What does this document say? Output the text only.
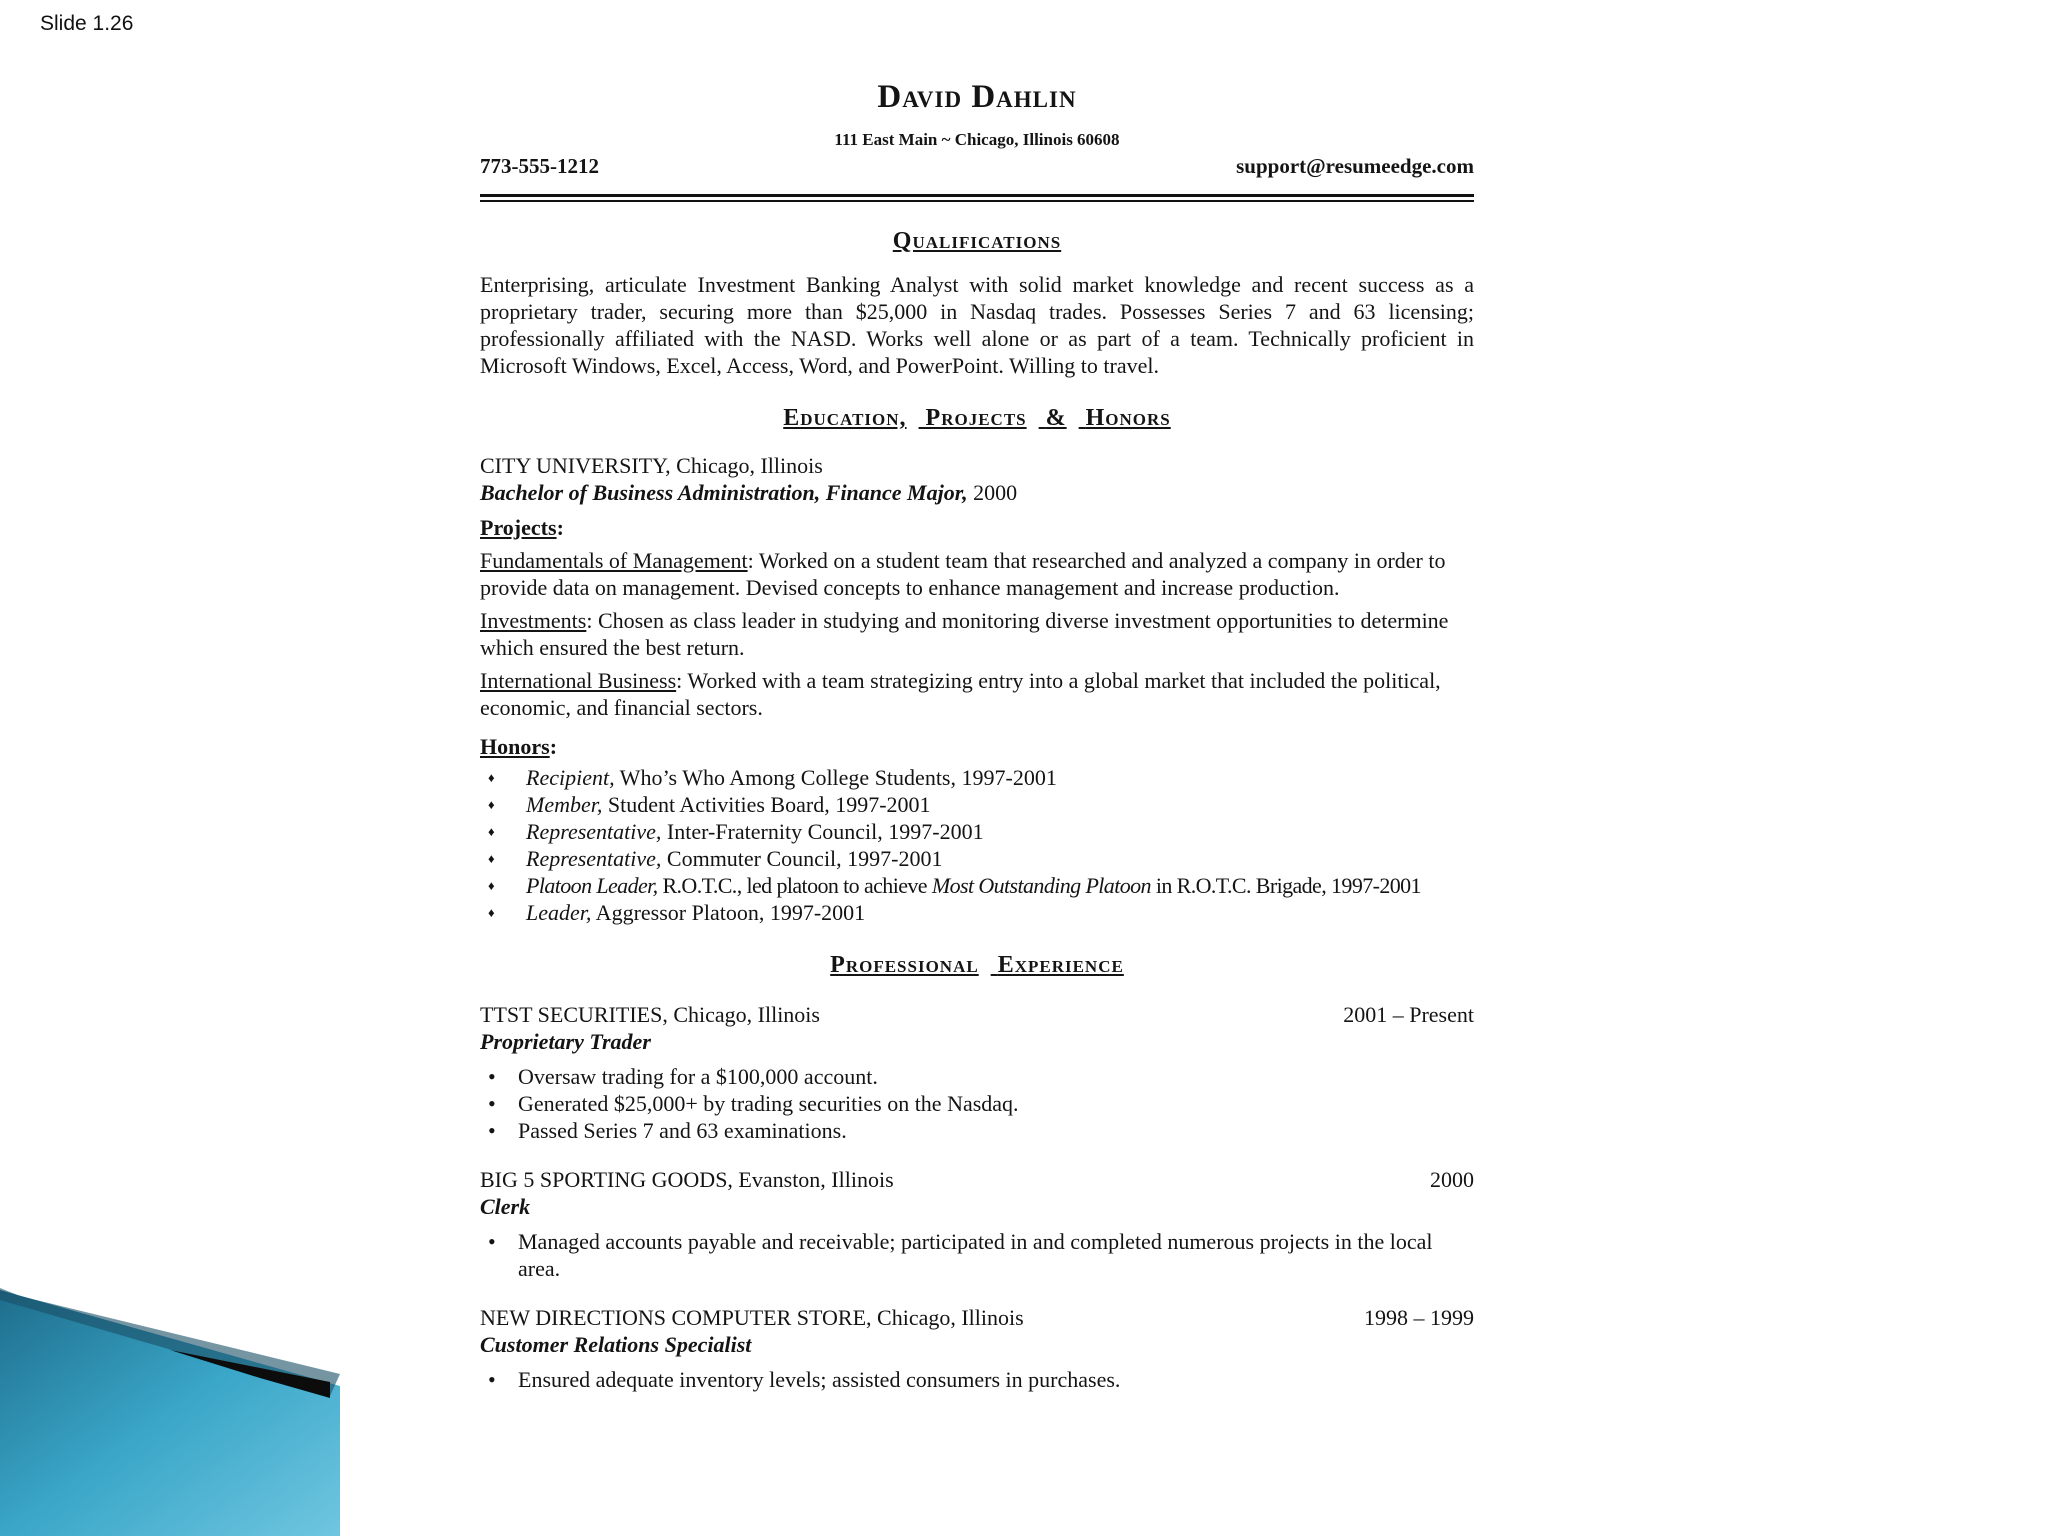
Slide 1.26
David Dahlin
111 East Main ~ Chicago, Illinois 60608
773-555-1212	support@resumeedge.com
Qualifications
Enterprising, articulate Investment Banking Analyst with solid market knowledge and recent success as a proprietary trader, securing more than $25,000 in Nasdaq trades. Possesses Series 7 and 63 licensing; professionally affiliated with the NASD. Works well alone or as part of a team. Technically proficient in Microsoft Windows, Excel, Access, Word, and PowerPoint. Willing to travel.
Education, Projects & Honors
CITY UNIVERSITY, Chicago, Illinois
Bachelor of Business Administration, Finance Major, 2000
Projects:
Fundamentals of Management: Worked on a student team that researched and analyzed a company in order to provide data on management. Devised concepts to enhance management and increase production.
Investments: Chosen as class leader in studying and monitoring diverse investment opportunities to determine which ensured the best return.
International Business: Worked with a team strategizing entry into a global market that included the political, economic, and financial sectors.
Honors:
♦ Recipient, Who’s Who Among College Students, 1997-2001
♦ Member, Student Activities Board, 1997-2001
♦ Representative, Inter-Fraternity Council, 1997-2001
♦ Representative, Commuter Council, 1997-2001
♦ Platoon Leader, R.O.T.C., led platoon to achieve Most Outstanding Platoon in R.O.T.C. Brigade, 1997-2001
♦ Leader, Aggressor Platoon, 1997-2001
Professional Experience
TTST SECURITIES, Chicago, Illinois	2001 – Present
Proprietary Trader
• Oversaw trading for a $100,000 account.
• Generated $25,000+ by trading securities on the Nasdaq.
• Passed Series 7 and 63 examinations.
BIG 5 SPORTING GOODS, Evanston, Illinois	2000
Clerk
• Managed accounts payable and receivable; participated in and completed numerous projects in the local area.
NEW DIRECTIONS COMPUTER STORE, Chicago, Illinois	1998 – 1999
Customer Relations Specialist
• Ensured adequate inventory levels; assisted consumers in purchases.
